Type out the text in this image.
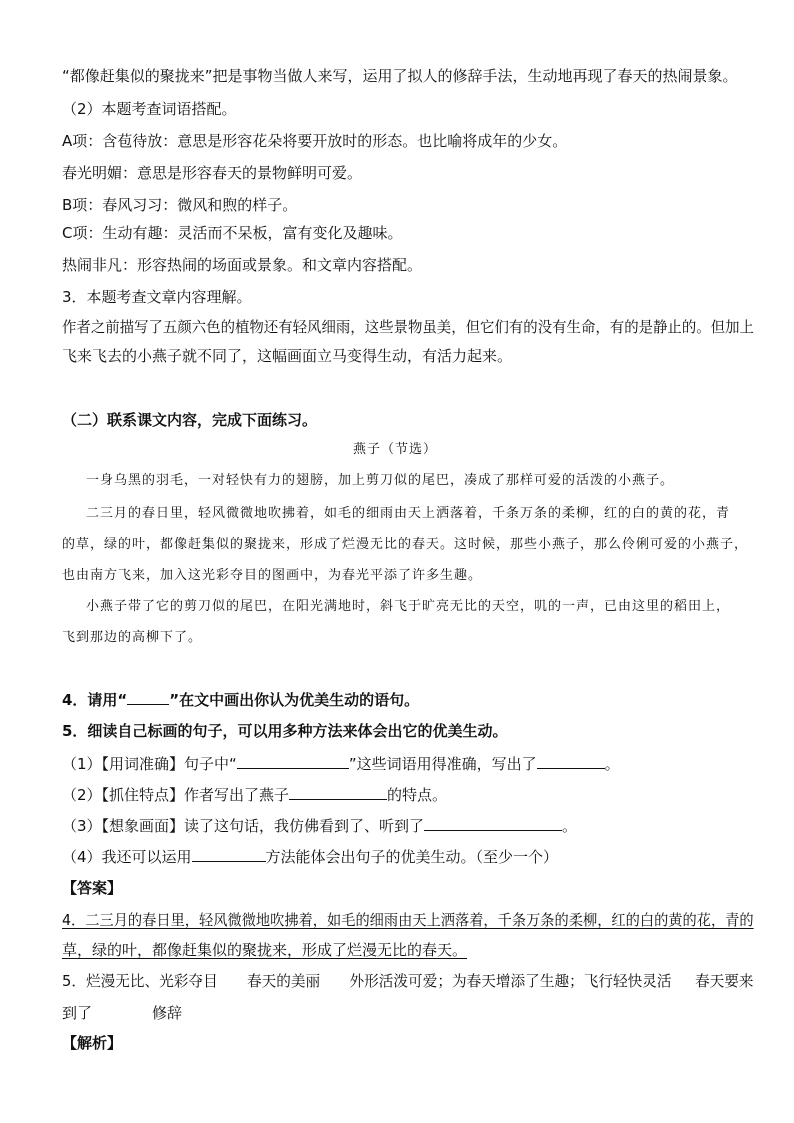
“都像赶集似的聚拢来”把是事物当做人来写，运用了拟人的修辞手法，生动地再现了春天的热闹景象。
（2）本题考查词语搭配。
A项：含苞待放：意思是形容花朵将要开放时的形态。也比喻将成年的少女。
春光明媚：意思是形容春天的景物鲜明可爱。
B项：春风习习：微风和煦的样子。
C项：生动有趣：灵活而不呆板，富有变化及趣味。
热闹非凡：形容热闹的场面或景象。和文章内容搭配。
3．本题考查文章内容理解。
作者之前描写了五颜六色的植物还有轻风细雨，这些景物虽美，但它们有的没有生命，有的是静止的。但加上
飞来飞去的小燕子就不同了，这幅画面立马变得生动，有活力起来。
（二）联系课文内容，完成下面练习。
燕子（节选）
一身乌黑的羽毛，一对轻快有力的翅膀，加上剪刀似的尾巴，凑成了那样可爱的活泼的小燕子。
二三月的春日里，轻风微微地吹拂着，如毛的细雨由天上洒落着，千条万条的柔柳，红的白的黄的花，青
的草，绿的叶，都像赶集似的聚拢来，形成了烂漫无比的春天。这时候，那些小燕子，那么伶俐可爱的小燕子，
也由南方飞来，加入这光彩夺目的图画中，为春光平添了许多生趣。
小燕子带了它的剪刀似的尾巴，在阳光满地时，斜飞于旷亮无比的天空，叽的一声，已由这里的稻田上，
飞到那边的高柳下了。
4．请用“	”在文中画出你认为优美生动的语句。
5．细读自己标画的句子，可以用多种方法来体会出它的优美生动。
（1）【用词准确】句子中“	”这些词语用得准确，写出了	。
（2）【抓住特点】作者写出了燕子	的特点。
（3）【想象画面】读了这句话，我仿佛看到了、听到了	。
（4）我还可以运用	方法能体会出句子的优美生动。（至少一个）
【答案】
4．二三月的春日里，轻风微微地吹拂着，如毛的细雨由天上洒落着，千条万条的柔柳，红的白的黄的花，青的
草，绿的叶，都像赶集似的聚拢来，形成了烂漫无比的春天。
5．烂漫无比、光彩夺目 春天的美丽 外形活泼可爱；为春天增添了生趣；飞行轻快灵活 春天要来
到了	修辞
【解析】
